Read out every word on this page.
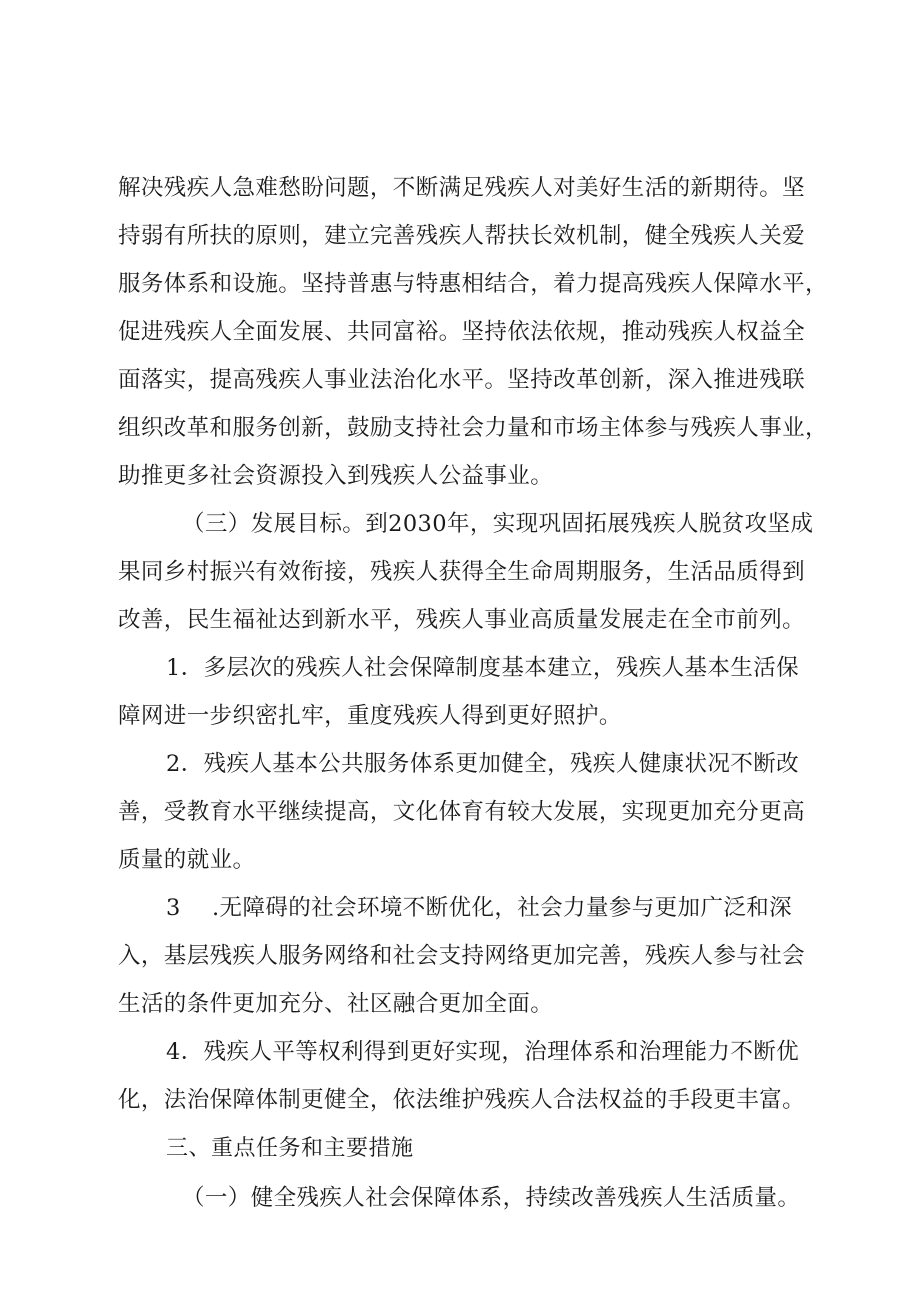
解决残疾人急难愁盼问题，不断满足残疾人对美好生活的新期待。坚
持弱有所扶的原则，建立完善残疾人帮扶长效机制，健全残疾人关爱
服务体系和设施。坚持普惠与特惠相结合，着力提高残疾人保障水平，
促进残疾人全面发展、共同富裕。坚持依法依规，推动残疾人权益全
面落实，提高残疾人事业法治化水平。坚持改革创新，深入推进残联
组织改革和服务创新，鼓励支持社会力量和市场主体参与残疾人事业，
助推更多社会资源投入到残疾人公益事业。
（三）发展目标。到2030年，实现巩固拓展残疾人脱贫攻坚成
果同乡村振兴有效衔接，残疾人获得全生命周期服务，生活品质得到
改善，民生福祉达到新水平，残疾人事业高质量发展走在全市前列。
1．多层次的残疾人社会保障制度基本建立，残疾人基本生活保
障网进一步织密扎牢，重度残疾人得到更好照护。
2．残疾人基本公共服务体系更加健全，残疾人健康状况不断改
善，受教育水平继续提高，文化体育有较大发展，实现更加充分更高
质量的就业。
3 .无障碍的社会环境不断优化，社会力量参与更加广泛和深
入，基层残疾人服务网络和社会支持网络更加完善，残疾人参与社会
生活的条件更加充分、社区融合更加全面。
4．残疾人平等权利得到更好实现，治理体系和治理能力不断优
化，法治保障体制更健全，依法维护残疾人合法权益的手段更丰富。
三、重点任务和主要措施
（一）健全残疾人社会保障体系，持续改善残疾人生活质量。
